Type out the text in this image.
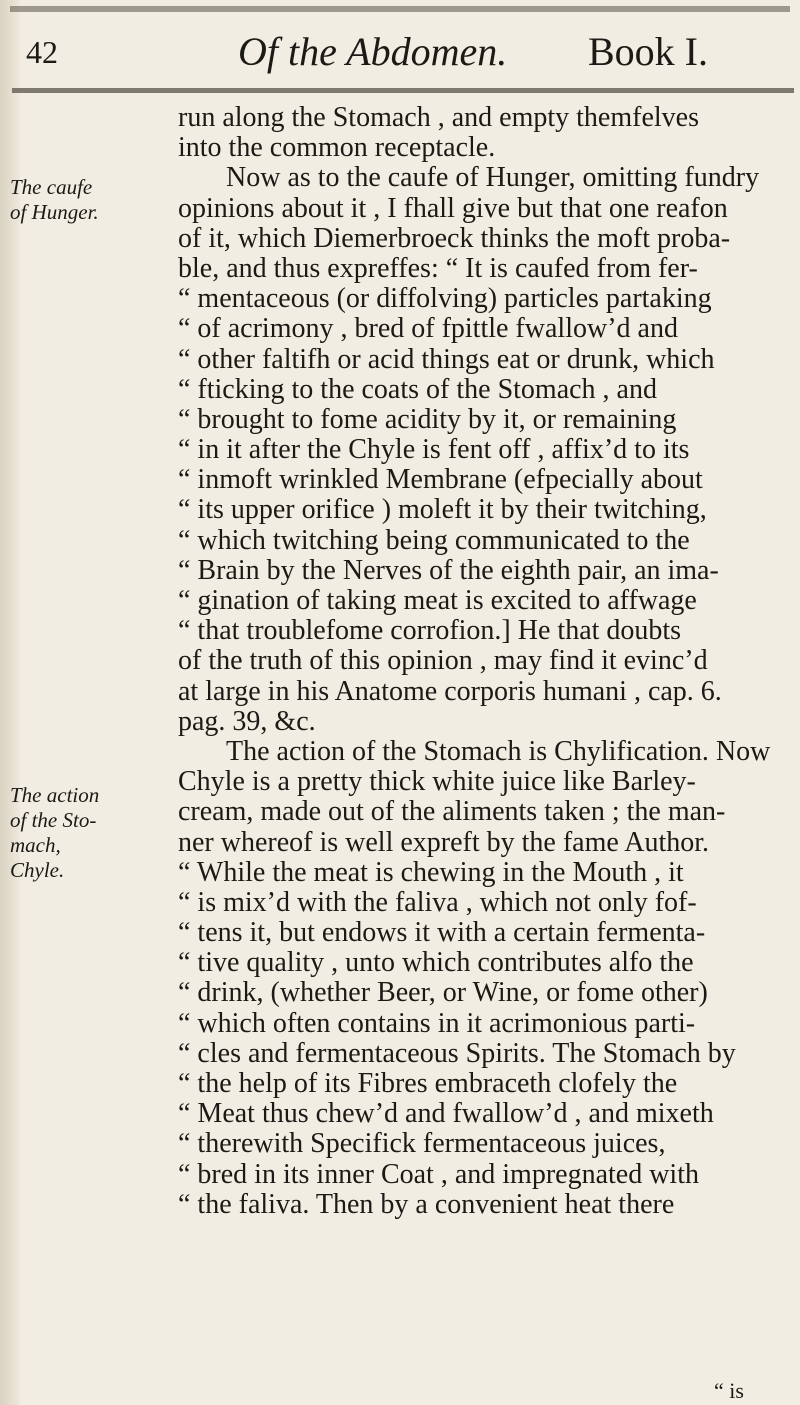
42	Of the Abdomen. Book I.
The caufe
of Hunger.
The action
of the Sto-
mach,
Chyle.
run along the Stomach , and empty themfelves
into the common receptacle.
Now as to the caufe of Hunger, omitting fundry
opinions about it , I fhall give but that one reafon
of it, which Diemerbroeck thinks the moft proba-
ble, and thus expreffes: “ It is caufed from fer-
“ mentaceous (or diffolving) particles partaking
“ of acrimony , bred of fpittle fwallow’d and
“ other faltifh or acid things eat or drunk, which
“ fticking to the coats of the Stomach , and
“ brought to fome acidity by it, or remaining
“ in it after the Chyle is fent off , affix’d to its
“ inmoft wrinkled Membrane (efpecially about
“ its upper orifice ) moleft it by their twitching,
“ which twitching being communicated to the
“ Brain by the Nerves of the eighth pair, an ima-
“ gination of taking meat is excited to affwage
“ that troublefome corrofion.] He that doubts
of the truth of this opinion , may find it evinc’d
at large in his Anatome corporis humani , cap. 6.
pag. 39, &c.
The action of the Stomach is Chylification. Now
Chyle is a pretty thick white juice like Barley-
cream, made out of the aliments taken ; the man-
ner whereof is well expreft by the fame Author.
“ While the meat is chewing in the Mouth , it
“ is mix’d with the faliva , which not only fof-
“ tens it, but endows it with a certain fermenta-
“ tive quality , unto which contributes alfo the
“ drink, (whether Beer, or Wine, or fome other)
“ which often contains in it acrimonious parti-
“ cles and fermentaceous Spirits. The Stomach by
“ the help of its Fibres embraceth clofely the
“ Meat thus chew’d and fwallow’d , and mixeth
“ therewith Specifick fermentaceous juices,
“ bred in its inner Coat , and impregnated with
“ the faliva. Then by a convenient heat there
“ is
